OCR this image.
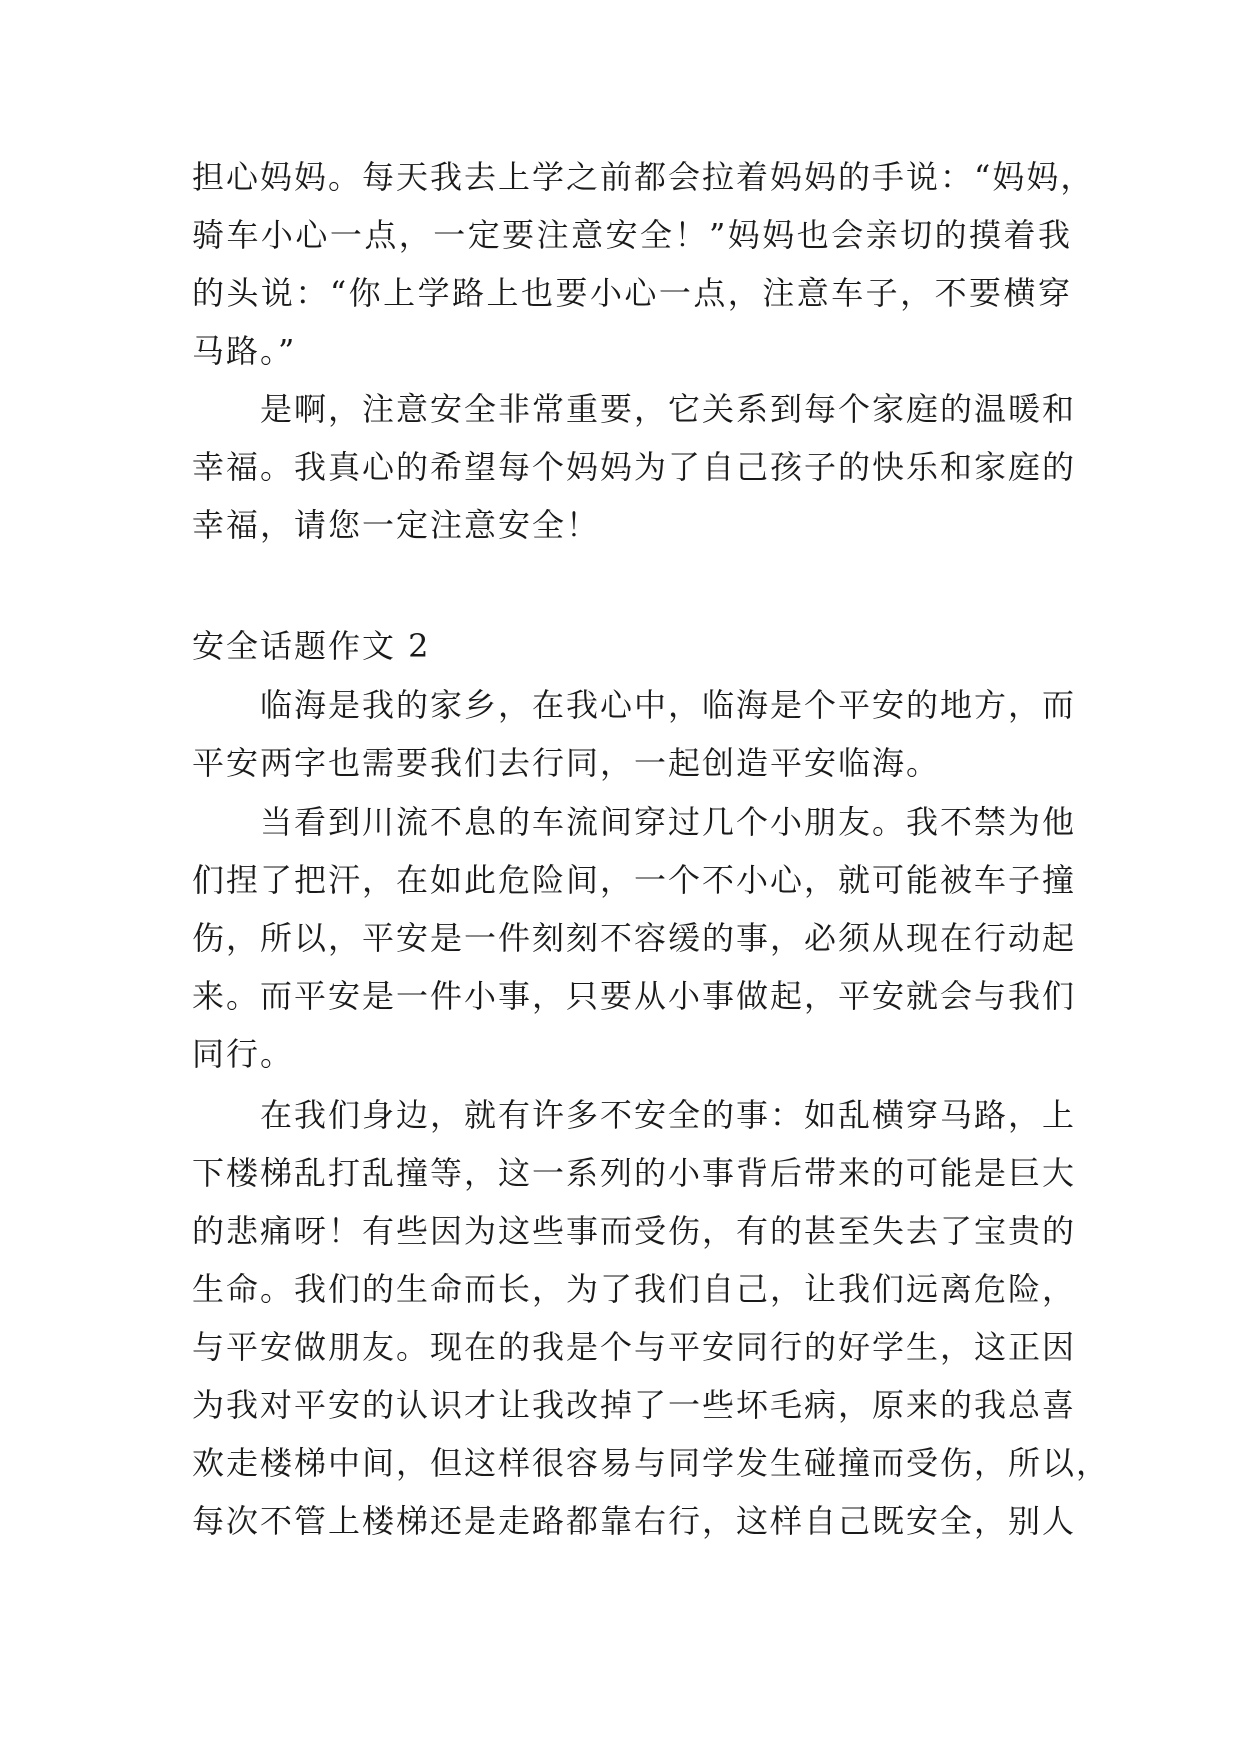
担心妈妈。每天我去上学之前都会拉着妈妈的手说：“妈妈，
骑车小心一点，一定要注意安全！”妈妈也会亲切的摸着我
的头说：“你上学路上也要小心一点，注意车子，不要横穿
马路。”
是啊，注意安全非常重要，它关系到每个家庭的温暖和
幸福。我真心的希望每个妈妈为了自己孩子的快乐和家庭的
幸福，请您一定注意安全！
安全话题作文 2
临海是我的家乡，在我心中，临海是个平安的地方，而
平安两字也需要我们去行同，一起创造平安临海。
当看到川流不息的车流间穿过几个小朋友。我不禁为他
们捏了把汗，在如此危险间，一个不小心，就可能被车子撞
伤，所以，平安是一件刻刻不容缓的事，必须从现在行动起
来。而平安是一件小事，只要从小事做起，平安就会与我们
同行。
在我们身边，就有许多不安全的事：如乱横穿马路，上
下楼梯乱打乱撞等，这一系列的小事背后带来的可能是巨大
的悲痛呀！有些因为这些事而受伤，有的甚至失去了宝贵的
生命。我们的生命而长，为了我们自己，让我们远离危险，
与平安做朋友。现在的我是个与平安同行的好学生，这正因
为我对平安的认识才让我改掉了一些坏毛病，原来的我总喜
欢走楼梯中间，但这样很容易与同学发生碰撞而受伤，所以，
每次不管上楼梯还是走路都靠右行，这样自己既安全，别人
